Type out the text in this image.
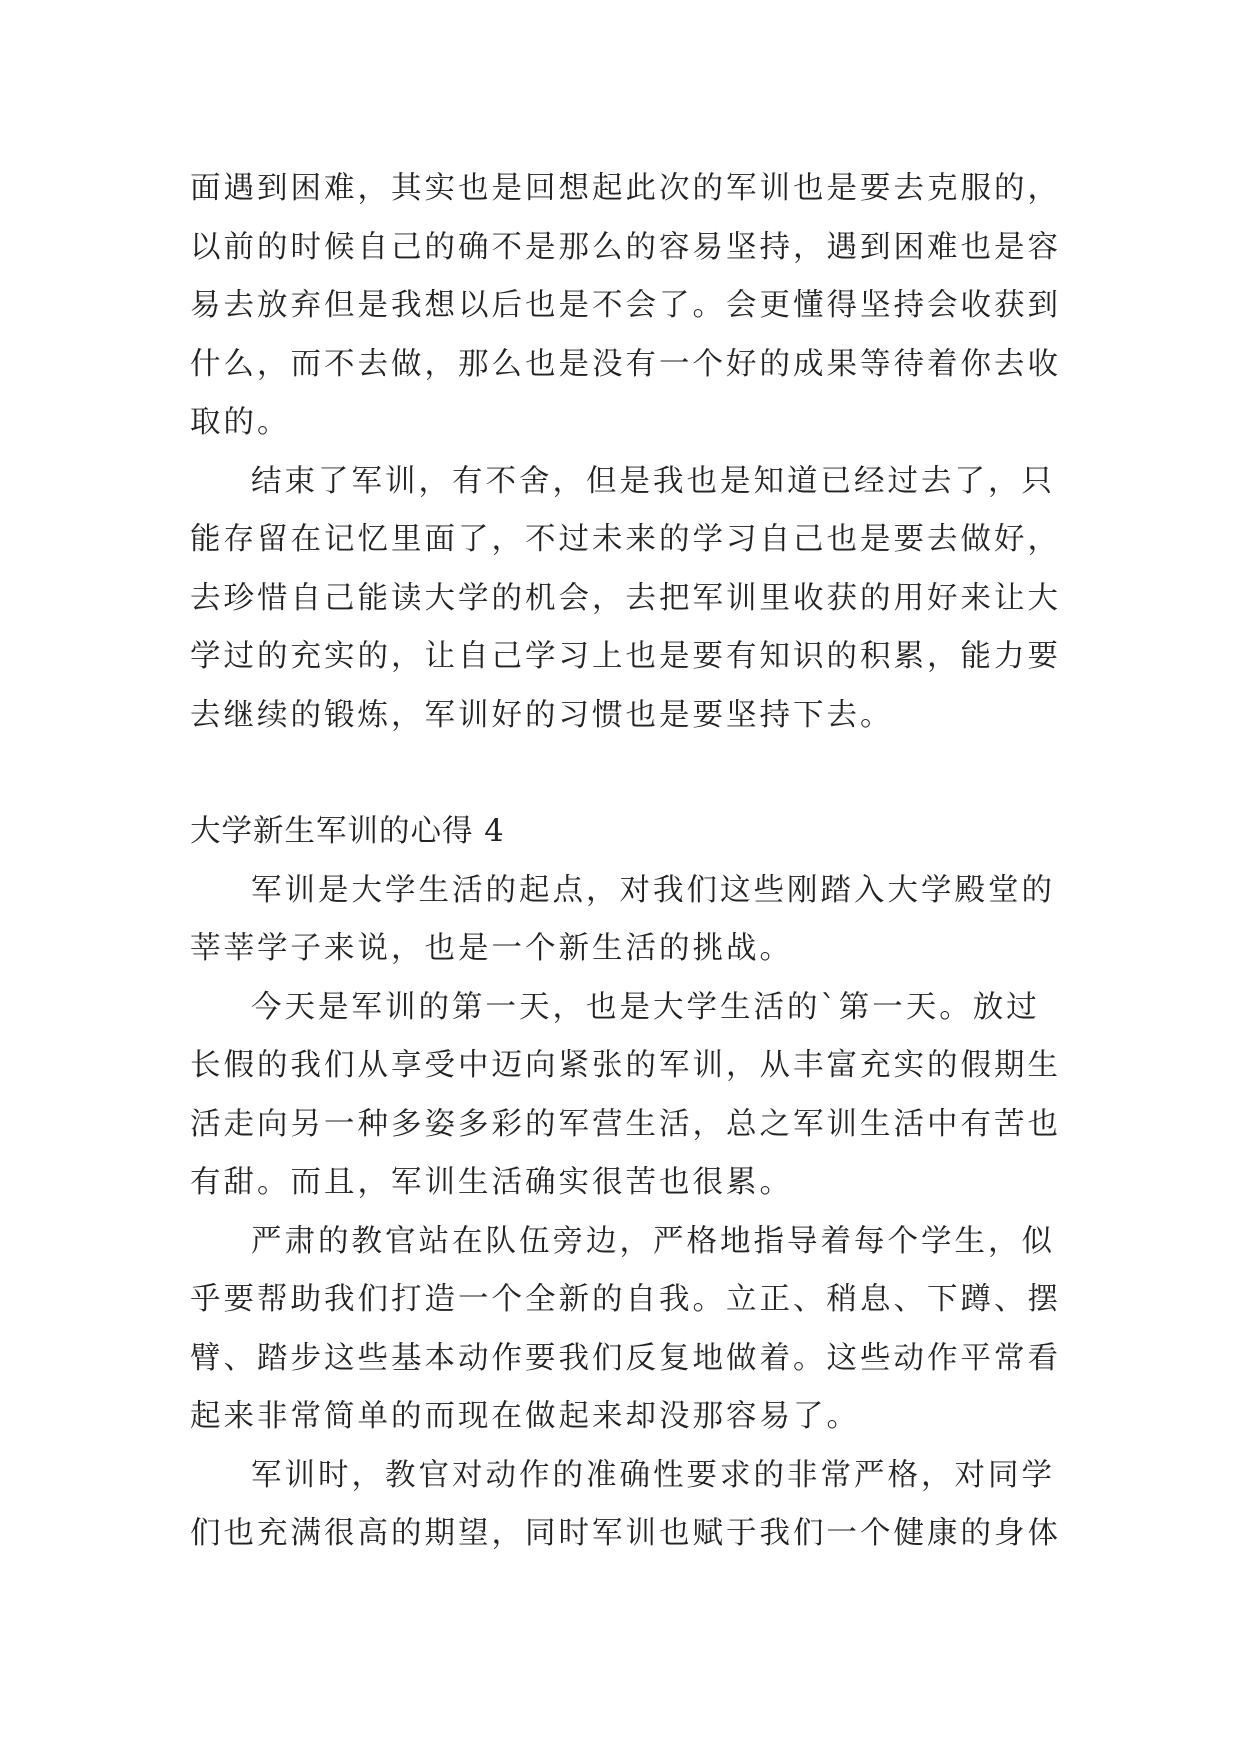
面遇到困难，其实也是回想起此次的军训也是要去克服的，
以前的时候自己的确不是那么的容易坚持，遇到困难也是容
易去放弃但是我想以后也是不会了。会更懂得坚持会收获到
什么，而不去做，那么也是没有一个好的成果等待着你去收
取的。
结束了军训，有不舍，但是我也是知道已经过去了，只
能存留在记忆里面了，不过未来的学习自己也是要去做好，
去珍惜自己能读大学的机会，去把军训里收获的用好来让大
学过的充实的，让自己学习上也是要有知识的积累，能力要
去继续的锻炼，军训好的习惯也是要坚持下去。
大学新生军训的心得 4
军训是大学生活的起点，对我们这些刚踏入大学殿堂的
莘莘学子来说，也是一个新生活的挑战。
今天是军训的第一天，也是大学生活的`第一天。放过
长假的我们从享受中迈向紧张的军训，从丰富充实的假期生
活走向另一种多姿多彩的军营生活，总之军训生活中有苦也
有甜。而且，军训生活确实很苦也很累。
严肃的教官站在队伍旁边，严格地指导着每个学生，似
乎要帮助我们打造一个全新的自我。立正、稍息、下蹲、摆
臂、踏步这些基本动作要我们反复地做着。这些动作平常看
起来非常简单的而现在做起来却没那容易了。
军训时，教官对动作的准确性要求的非常严格，对同学
们也充满很高的期望，同时军训也赋于我们一个健康的身体
